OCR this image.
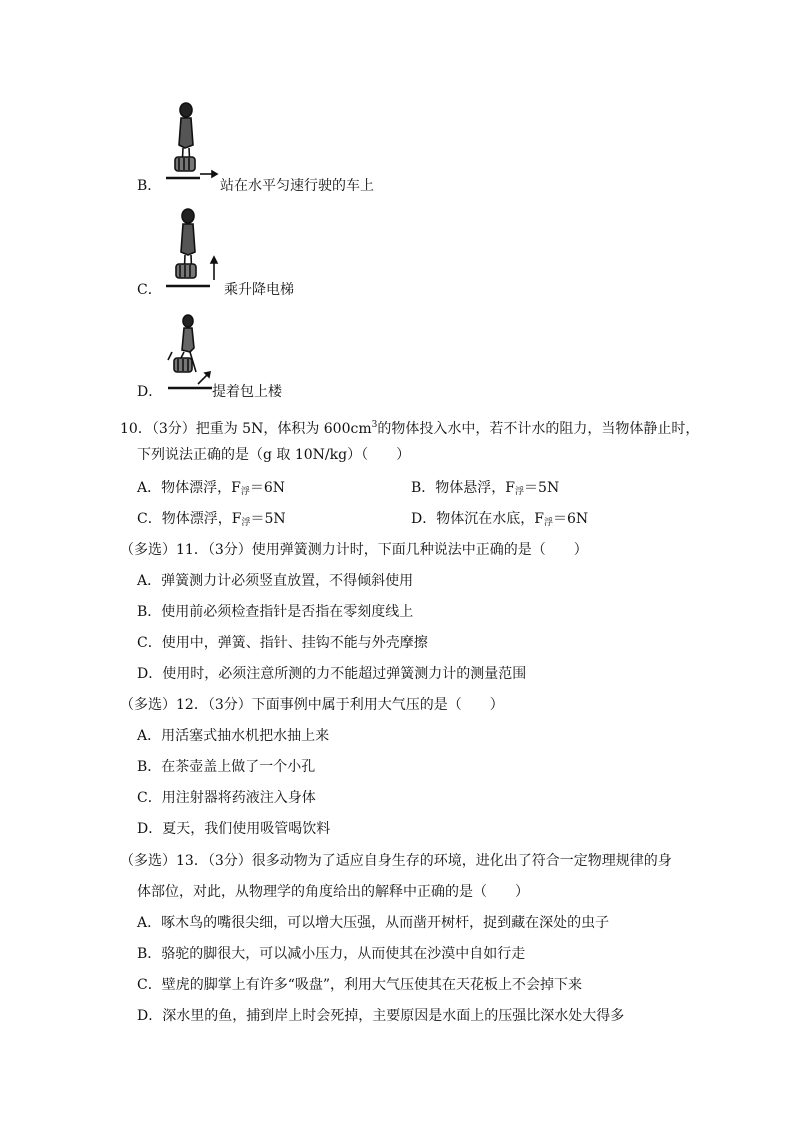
B．	站在水平匀速行驶的车上
C．	乘升降电梯
D．	提着包上楼
10．（3分）把重为 5N，体积为 $600cm^3$的物体投入水中，若不计水的阻力，当物体静止时，
下列说法正确的是（g 取 10N/kg）（　　）
A．物体漂浮，$F_浮=6N$	B．物体悬浮，$F_浮=5N$
C．物体漂浮，$F_浮=5N$	D．物体沉在水底，$F_浮=6N$
（多选）11．（3分）使用弹簧测力计时，下面几种说法中正确的是（　　）
A．弹簧测力计必须竖直放置，不得倾斜使用
B．使用前必须检查指针是否指在零刻度线上
C．使用中，弹簧、指针、挂钩不能与外壳摩擦
D．使用时，必须注意所测的力不能超过弹簧测力计的测量范围
（多选）12．（3分）下面事例中属于利用大气压的是（　　）
A．用活塞式抽水机把水抽上来
B．在茶壶盖上做了一个小孔
C．用注射器将药液注入身体
D．夏天，我们使用吸管喝饮料
（多选）13．（3分）很多动物为了适应自身生存的环境，进化出了符合一定物理规律的身
体部位，对此，从物理学的角度给出的解释中正确的是（　　）
A．啄木鸟的嘴很尖细，可以增大压强，从而凿开树杆，捉到藏在深处的虫子
B．骆驼的脚很大，可以减小压力，从而使其在沙漠中自如行走
C．壁虎的脚掌上有许多“吸盘”，利用大气压使其在天花板上不会掉下来
D．深水里的鱼，捕到岸上时会死掉，主要原因是水面上的压强比深水处大得多
